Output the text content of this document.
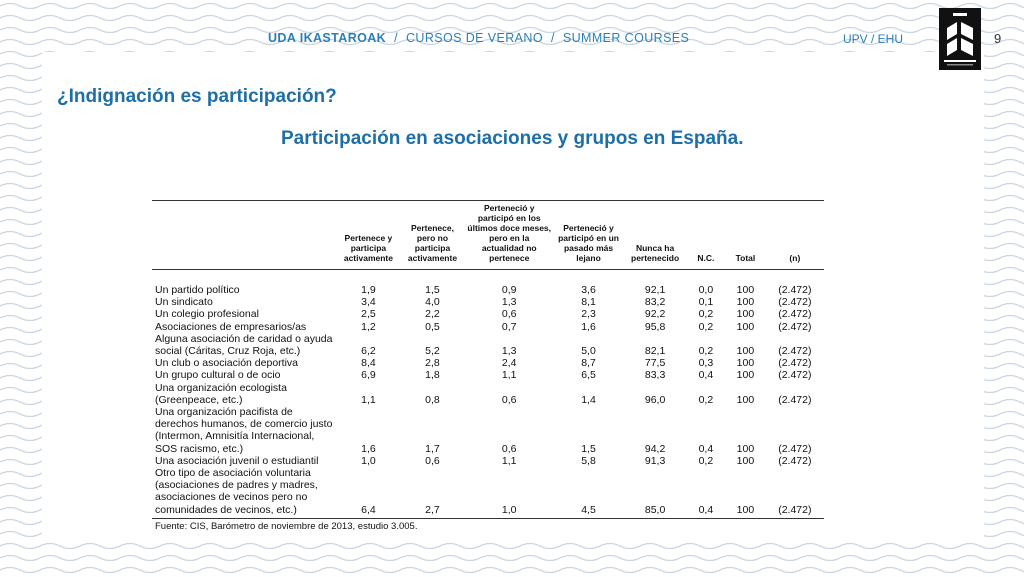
UDA IKASTAROAK / CURSOS DE VERANO / SUMMER COURSES	UPV / EHU	9
¿Indignación es participación?
Participación en asociaciones y grupos en España.

	Pertenece y participa activamente	Pertenece, pero no participa activamente	Perteneció y participó en los últimos doce meses, pero en la actualidad no pertenece	Perteneció y participó en un pasado más lejano	Nunca ha pertenecido	N.C.	Total	(n)
Un partido político	1,9	1,5	0,9	3,6	92,1	0,0	100	(2.472)
Un sindicato	3,4	4,0	1,3	8,1	83,2	0,1	100	(2.472)
Un colegio profesional	2,5	2,2	0,6	2,3	92,2	0,2	100	(2.472)
Asociaciones de empresarios/as	1,2	0,5	0,7	1,6	95,8	0,2	100	(2.472)
Alguna asociación de caridad o ayuda social (Cáritas, Cruz Roja, etc.)	6,2	5,2	1,3	5,0	82,1	0,2	100	(2.472)
Un club o asociación deportiva	8,4	2,8	2,4	8,7	77,5	0,3	100	(2.472)
Un grupo cultural o de ocio	6,9	1,8	1,1	6,5	83,3	0,4	100	(2.472)
Una organización ecologista (Greenpeace, etc.)	1,1	0,8	0,6	1,4	96,0	0,2	100	(2.472)
Una organización pacifista de derechos humanos, de comercio justo (Intermon, Amnisitía Internacional, SOS racismo, etc.)	1,6	1,7	0,6	1,5	94,2	0,4	100	(2.472)
Una asociación juvenil o estudiantil	1,0	0,6	1,1	5,8	91,3	0,2	100	(2.472)
Otro tipo de asociación voluntaria (asociaciones de padres y madres, asociaciones de vecinos pero no comunidades de vecinos, etc.)	6,4	2,7	1,0	4,5	85,0	0,4	100	(2.472)
Fuente: CIS, Barómetro de noviembre de 2013, estudio 3.005.
